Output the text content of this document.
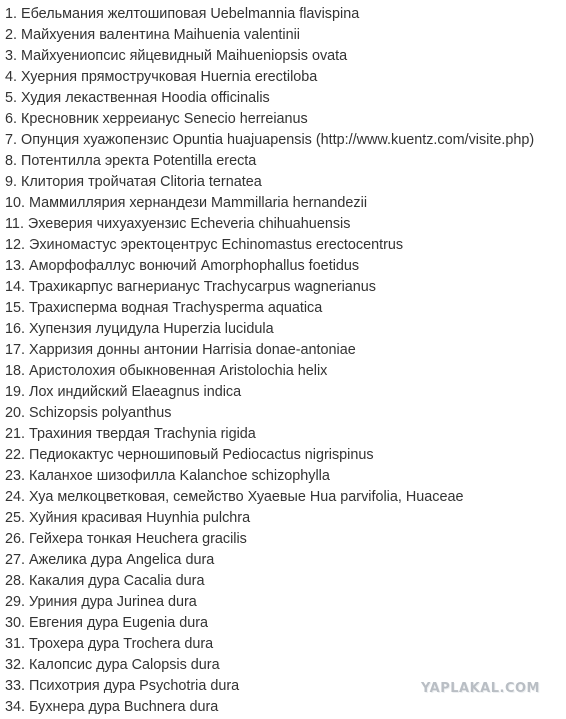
1. Ебельмания желтошиповая Uebelmannia flavispina
2. Майхуения валентина Maihuenia valentinii
3. Майхуениопсис яйцевидный Maihueniopsis ovata
4. Хуерния прямостручковая Huernia erectiloba
5. Худия лекаственная Hoodia officinalis
6. Кресновник херреианус Senecio herreianus
7. Опунция хуажопензис Opuntia huajuapensis (http://www.kuentz.com/visite.php)
8. Потентилла эректа Potentilla erecta
9. Клитория тройчатая Clitoria ternatea
10. Маммиллярия хернандези Mammillaria hernandezii
11. Эхеверия чихуахуензис Echeveria chihuahuensis
12. Эхиномастус эректоцентрус Echinomastus erectocentrus
13. Аморфофаллус вонючий Amorphophallus foetidus
14. Трахикарпус вагнерианус Trachycarpus wagnerianus
15. Трахисперма водная Trachysperma aquatica
16. Хупензия луцидула Huperzia lucidula
17. Харризия донны антонии Harrisia donae-antoniae
18. Аристолохия обыкновенная Aristolochia helix
19. Лох индийский Elaeagnus indica
20. Schizopsis polyanthus
21. Трахиния твердая Trachynia rigida
22. Педиокактус черношиповый Pediocactus nigrispinus
23. Каланхое шизофилла Kalanchoe schizophylla
24. Хуа мелкоцветковая, семейство Хуаевые Hua parvifolia, Huaceae
25. Хуйния красивая Huynhia pulchra
26. Гейхера тонкая Heuchera gracilis
27. Ажелика дура Angelica dura
28. Какалия дура Cacalia dura
29. Уриния дура Jurinea dura
30. Евгения дура Eugenia dura
31. Трохера дура Trochera dura
32. Калопсис дура Calopsis dura
33. Психотрия дура Psychotria dura
34. Бухнера дура Buchnera dura
YAPLAKAL.COM
